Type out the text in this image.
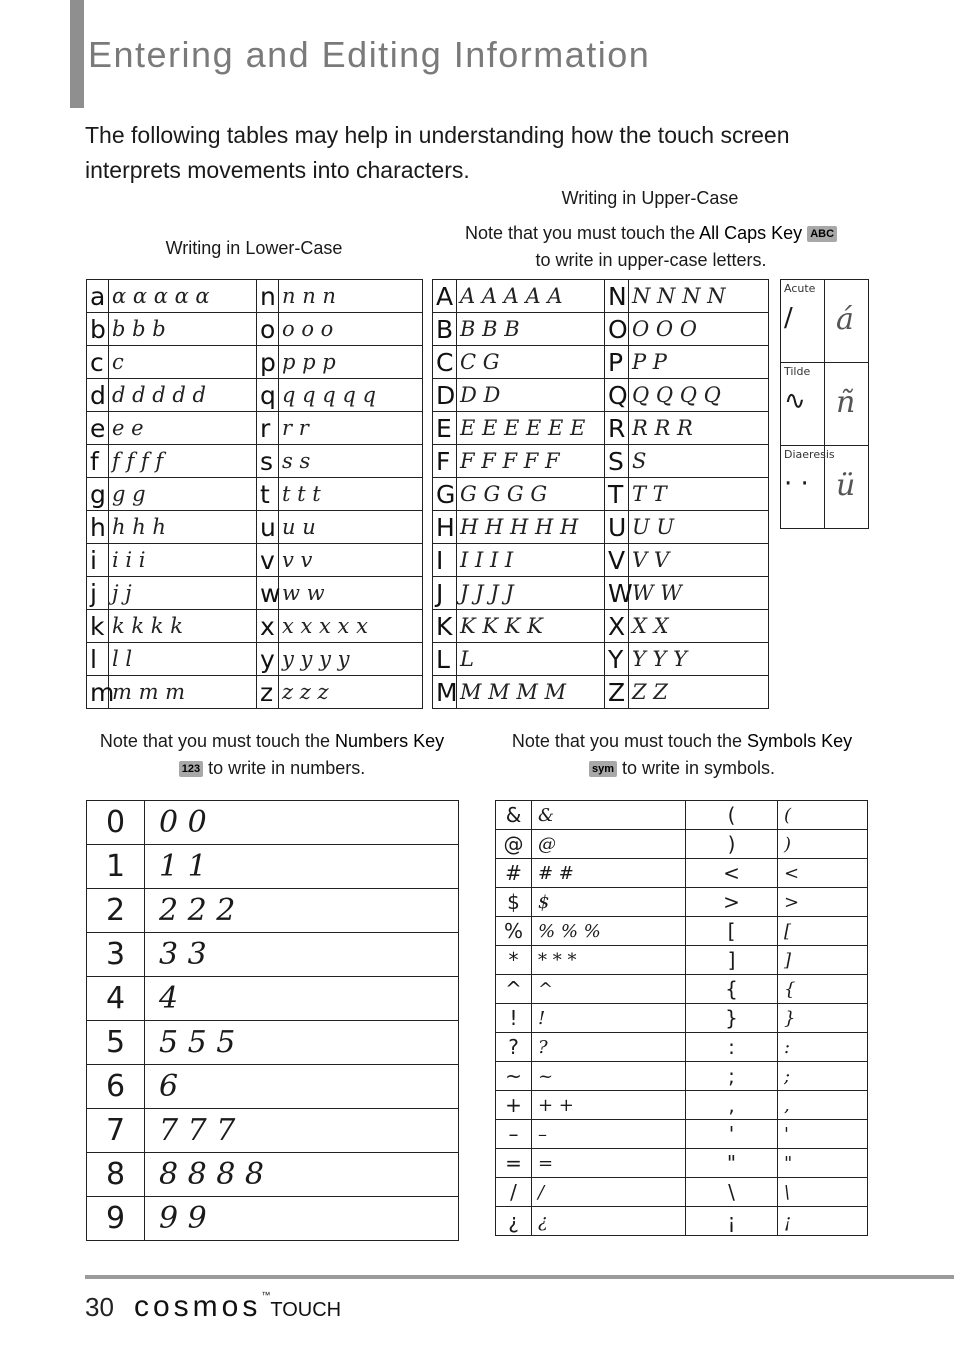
Entering and Editing Information
The following tables may help in understanding how the touch screen interprets movements into characters.
Writing in Upper-Case
Note that you must touch the All Caps Key ABC
to write in upper-case letters.
Writing in Lower-Case
a	ɑ ɑ ɑ ɑ ɑ	n	n n n
b	b b b	o	o o o
c	c	p	p p p
d	d d d d d	q	q q q q q
e	e e	r	r r
f	f f f f	s	s s
g	g g	t	t t t
h	h h h	u	u u
i	i i i	v	v v
j	j j	w	w w
k	k k k k	x	x x x x x
l	l l	y	y y y y
m	m m m	z	z z z
A	A A A A A	N	N N N N
B	B B B	O	O O O
C	C G	P	P P
D	D D	Q	Q Q Q Q
E	E E E E E E	R	R R R
F	F F F F F	S	S
G	G G G G	T	T T
H	H H H H H	U	U U
I	I I I I	V	V V
J	J J J J	W	W W
K	K K K K	X	X X
L	L	Y	Y Y Y
M	M M M M	Z	Z Z
Acute
/	á

Tilde
∿	ñ

Diaeresis
· ·	ü
Note that you must touch the Numbers Key
123 to write in numbers.
Note that you must touch the Symbols Key
sym to write in symbols.
0	0 0
1	1 1
2	2 2 2
3	3 3
4	4
5	5 5 5
6	6
7	7 7 7
8	8 8 8 8
9	9 9
&	&	(	(
@	@	)	)
#	# #	<	<
$	$	>	>
%	% % %	[	[
*	* * *	]	]
^	^	{	{
!	!	}	}
?	?	:	:
~	~	;	;
+	+ +	,	,
–	–	'	'
=	=	"	"
/	/	\	\
¿	¿	¡	¡
30 cosmos™TOUCH
